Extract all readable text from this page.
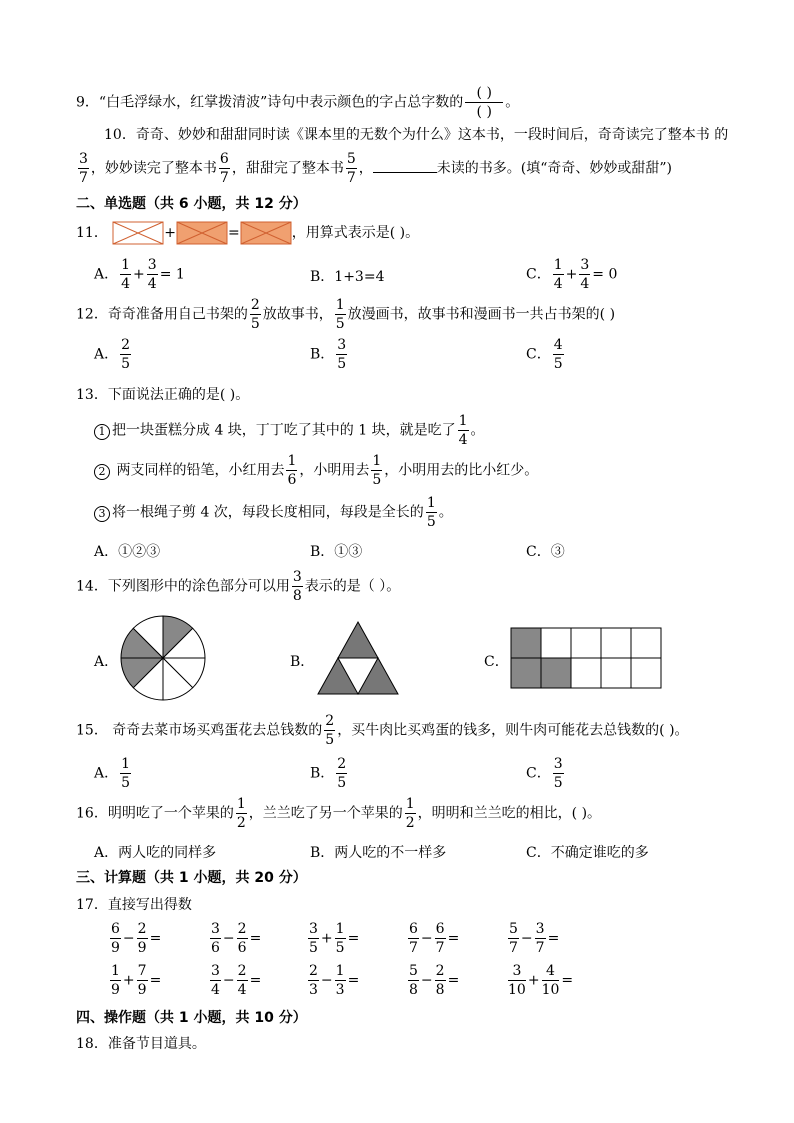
9．“白毛浮绿水，红掌拨清波”诗句中表示颜色的字占总字数的 $\frac{( )}{( )}$ 。
10．奇奇、妙妙和甜甜同时读《课本里的无数个为什么》这本书，一段时间后，奇奇读完了整本书 的
$\frac{3}{7}$ ，妙妙读完了整本书 $\frac{6}{7}$ ，甜甜完了整本书 $\frac{5}{7}$ ，	未读的书多。(填“奇奇、妙妙或甜甜”)
二、单选题（共 6 小题，共 12 分）
11．	+	=	，用算式表示是( )。
A． $\frac{1}{4} + \frac{3}{4} = 1$	B．1+3=4	C． $\frac{1}{4} + \frac{3}{4} = 0$
12．奇奇准备用自己书架的 $\frac{2}{5}$ 放故事书， $\frac{1}{5}$ 放漫画书，故事书和漫画书一共占书架的( )
A． $\frac{2}{5}$	B． $\frac{3}{5}$	C． $\frac{4}{5}$
13．下面说法正确的是( )。
1 把一块蛋糕分成 4 块，丁丁吃了其中的 1 块，就是吃了 $\frac{1}{4}$ 。
2 两支同样的铅笔，小红用去 $\frac{1}{6}$ ，小明用去 $\frac{1}{5}$ ，小明用去的比小红少。
3 将一根绳子剪 4 次，每段长度相同，每段是全长的 $\frac{1}{5}$ 。
A．①②③	B．①③	C．③
14．下列图形中的涂色部分可以用 $\frac{3}{8}$ 表示的是（ ）。
A．	B．	C．
15． 奇奇去菜市场买鸡蛋花去总钱数的 $\frac{2}{5}$ ，买牛肉比买鸡蛋的钱多，则牛肉可能花去总钱数的( )。
A． $\frac{1}{5}$	B． $\frac{2}{5}$	C． $\frac{3}{5}$
16．明明吃了一个苹果的 $\frac{1}{2}$ ，兰兰吃了另一个苹果的 $\frac{1}{2}$ ，明明和兰兰吃的相比，( )。
A．两人吃的同样多	B．两人吃的不一样多	C．不确定谁吃的多
三、计算题（共 1 小题，共 20 分）
17．直接写出得数
$\frac{6}{9} - \frac{2}{9}$ =	$\frac{3}{6} - \frac{2}{6}$ =	$\frac{3}{5} + \frac{1}{5}$ =	$\frac{6}{7} - \frac{6}{7}$ =	$\frac{5}{7} - \frac{3}{7}$ =
$\frac{1}{9} + \frac{7}{9}$ =	$\frac{3}{4} - \frac{2}{4}$ =	$\frac{2}{3} - \frac{1}{3}$ =	$\frac{5}{8} - \frac{2}{8}$ =	$\frac{3}{10} + \frac{4}{10}$ =
四、操作题（共 1 小题，共 10 分）
18．准备节目道具。
